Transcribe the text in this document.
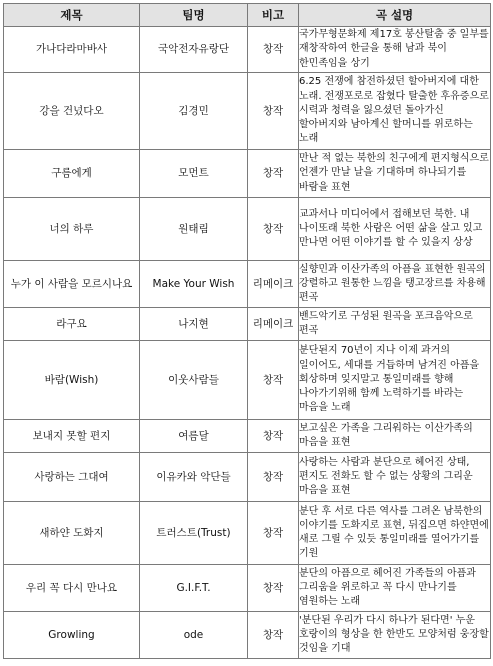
제목	팀명	비고	곡 설명
가나다라마바사	국악전자유랑단	창작	국가무형문화제 제17호 봉산탈춤 중 일부를 재창작하여 한글을 통해 남과 북이 한민족임을 상기
강을 건넜다오	김경민	창작	6.25 전쟁에 참전하셨던 할아버지에 대한 노래. 전쟁포로로 잡혔다 탈출한 후유증으로 시력과 청력을 잃으셨던 돌아가신 할아버지와 남아계신 할머니를 위로하는 노래
구름에게	모먼트	창작	만난 적 없는 북한의 친구에게 편지형식으로 언젠가 만날 날을 기대하며 하나되기를 바람을 표현
너의 하루	원태림	창작	교과서나 미디어에서 접해보던 북한. 내 나이또래 북한 사람은 어떤 삶을 살고 있고 만나면 어떤 이야기를 할 수 있을지 상상
누가 이 사람을 모르시나요	Make Your Wish	리메이크	실향민과 이산가족의 아픔을 표현한 원곡의 강렬하고 원통한 느낌을 탱고장르를 차용해 편곡
라구요	나지현	리메이크	밴드악기로 구성된 원곡을 포크음악으로 편곡
바람(Wish)	이웃사람들	창작	분단된지 70년이 지나 이제 과거의 일이어도, 세대를 거듭하며 남겨진 아픔을 회상하며 잊지말고 통일미래를 향해 나아가기위해 함께 노력하기를 바라는 마음을 노래
보내지 못할 편지	여름달	창작	보고싶은 가족을 그리워하는 이산가족의 마음을 표현
사랑하는 그대여	이유카와 악단들	창작	사랑하는 사람과 분단으로 헤어진 상태, 편지도 전화도 할 수 없는 상황의 그리운 마음을 표현
새하얀 도화지	트러스트(Trust)	창작	분단 후 서로 다른 역사를 그려온 남북한의 이야기를 도화지로 표현, 뒤집으면 하얀면에 새로 그릴 수 있듯 통일미래를 열어가기를 기원
우리 꼭 다시 만나요	G.I.F.T.	창작	분단의 아픔으로 헤어진 가족들의 아픔과 그리움을 위로하고 꼭 다시 만나기를 염원하는 노래
Growling	ode	창작	'분단된 우리가 다시 하나가 된다면' 누운 호랑이의 형상을 한 한반도 모양처럼 웅장할 것임을 기대
